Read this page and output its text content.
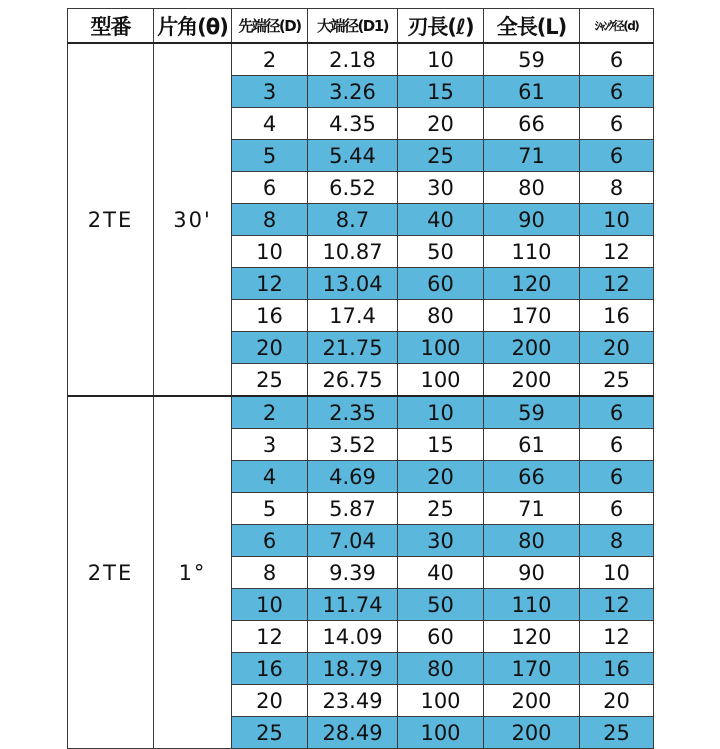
型番	片角(θ)	先端径(D)	大端径(D1)	刃長(ℓ)	全長(L)	ｼｬﾝｸ径(d)
2TE	30'	2	2.18	10	59	6
		3	3.26	15	61	6
		4	4.35	20	66	6
		5	5.44	25	71	6
		6	6.52	30	80	8
		8	8.7	40	90	10
		10	10.87	50	110	12
		12	13.04	60	120	12
		16	17.4	80	170	16
		20	21.75	100	200	20
		25	26.75	100	200	25
2TE	1°	2	2.35	10	59	6
		3	3.52	15	61	6
		4	4.69	20	66	6
		5	5.87	25	71	6
		6	7.04	30	80	8
		8	9.39	40	90	10
		10	11.74	50	110	12
		12	14.09	60	120	12
		16	18.79	80	170	16
		20	23.49	100	200	20
		25	28.49	100	200	25
